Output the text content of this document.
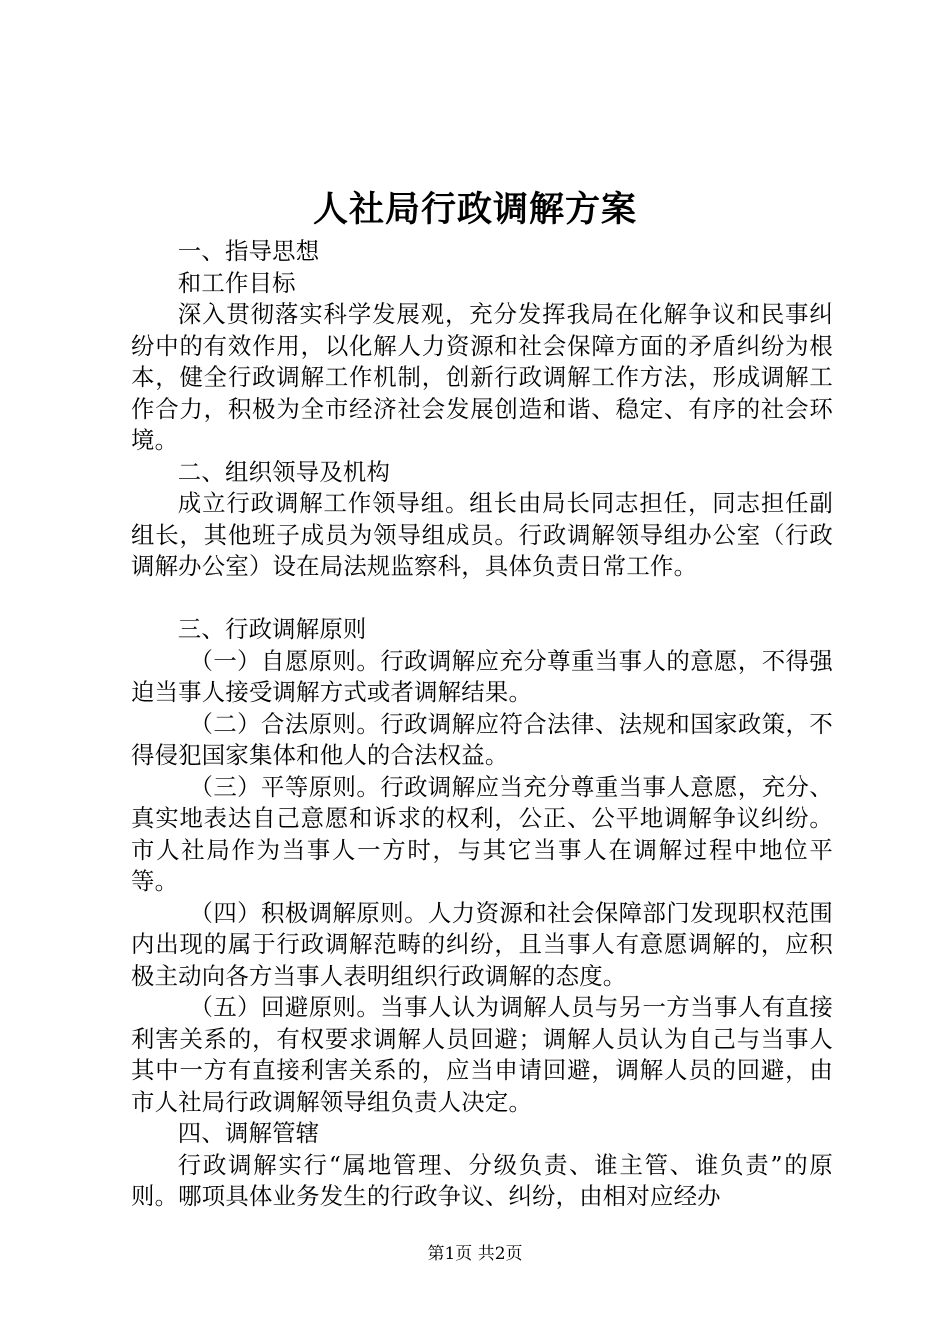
人社局行政调解方案

一、指导思想

和工作目标

深入贯彻落实科学发展观，充分发挥我局在化解争议和民事纠纷中的有效作用，以化解人力资源和社会保障方面的矛盾纠纷为根本，健全行政调解工作机制，创新行政调解工作方法，形成调解工作合力，积极为全市经济社会发展创造和谐、稳定、有序的社会环境。

二、组织领导及机构

成立行政调解工作领导组。组长由局长同志担任，同志担任副组长，其他班子成员为领导组成员。行政调解领导组办公室（行政调解办公室）设在局法规监察科，具体负责日常工作。

三、行政调解原则

（一）自愿原则。行政调解应充分尊重当事人的意愿，不得强迫当事人接受调解方式或者调解结果。

（二）合法原则。行政调解应符合法律、法规和国家政策，不得侵犯国家集体和他人的合法权益。

（三）平等原则。行政调解应当充分尊重当事人意愿，充分、真实地表达自己意愿和诉求的权利，公正、公平地调解争议纠纷。市人社局作为当事人一方时，与其它当事人在调解过程中地位平等。

（四）积极调解原则。人力资源和社会保障部门发现职权范围内出现的属于行政调解范畴的纠纷，且当事人有意愿调解的，应积极主动向各方当事人表明组织行政调解的态度。

（五）回避原则。当事人认为调解人员与另一方当事人有直接利害关系的，有权要求调解人员回避；调解人员认为自己与当事人其中一方有直接利害关系的，应当申请回避，调解人员的回避，由市人社局行政调解领导组负责人决定。

四、调解管辖

行政调解实行“属地管理、分级负责、谁主管、谁负责”的原则。哪项具体业务发生的行政争议、纠纷，由相对应经办

第1页 共2页
